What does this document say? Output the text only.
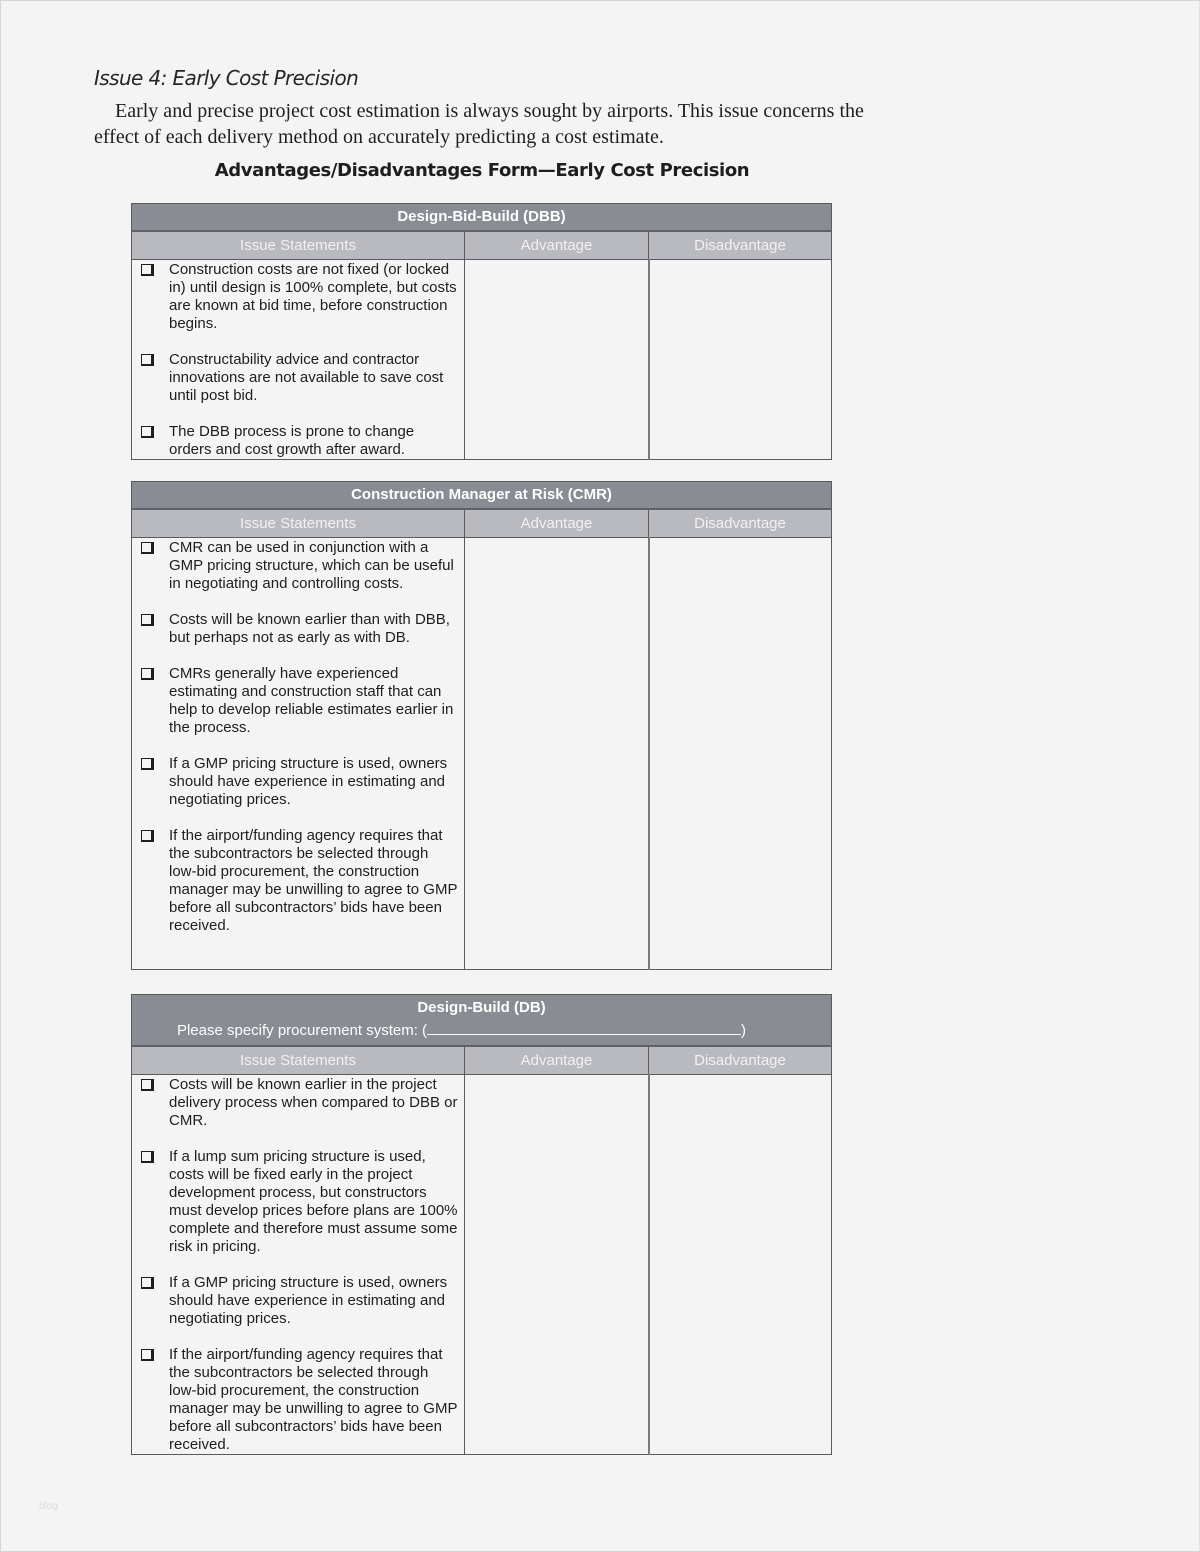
Issue 4: Early Cost Precision

Early and precise project cost estimation is always sought by airports. This issue concerns the effect of each delivery method on accurately predicting a cost estimate.

Advantages/Disadvantages Form—Early Cost Precision
Design-Bid-Build (DBB)		

Issue Statements	Advantage	Disadvantage

Construction costs are not fixed (or locked in) until design is 100% complete, but costs are known at bid time, before construction begins.
Constructability advice and contractor innovations are not available to save cost until post bid.
The DBB process is prone to change orders and cost growth after award.		

Construction Manager at Risk (CMR)		

Issue Statements	Advantage	Disadvantage

CMR can be used in conjunction with a GMP pricing structure, which can be useful in negotiating and controlling costs.
Costs will be known earlier than with DBB, but perhaps not as early as with DB.
CMRs generally have experienced estimating and construction staff that can help to develop reliable estimates earlier in the process.
If a GMP pricing structure is used, owners should have experience in estimating and negotiating prices.
If the airport/funding agency requires that the subcontractors be selected through low-bid procurement, the construction manager may be unwilling to agree to GMP before all subcontractors’ bids have been received.		

Design-Build (DB)
Please specify procurement system: ( )		

Issue Statements	Advantage	Disadvantage

Costs will be known earlier in the project delivery process when compared to DBB or CMR.
If a lump sum pricing structure is used, costs will be fixed early in the project development process, but constructors must develop prices before plans are 100% complete and therefore must assume some risk in pricing.
If a GMP pricing structure is used, owners should have experience in estimating and negotiating prices.
If the airport/funding agency requires that the subcontractors be selected through low-bid procurement, the construction manager may be unwilling to agree to GMP before all subcontractors’ bids have been received.		

blog
